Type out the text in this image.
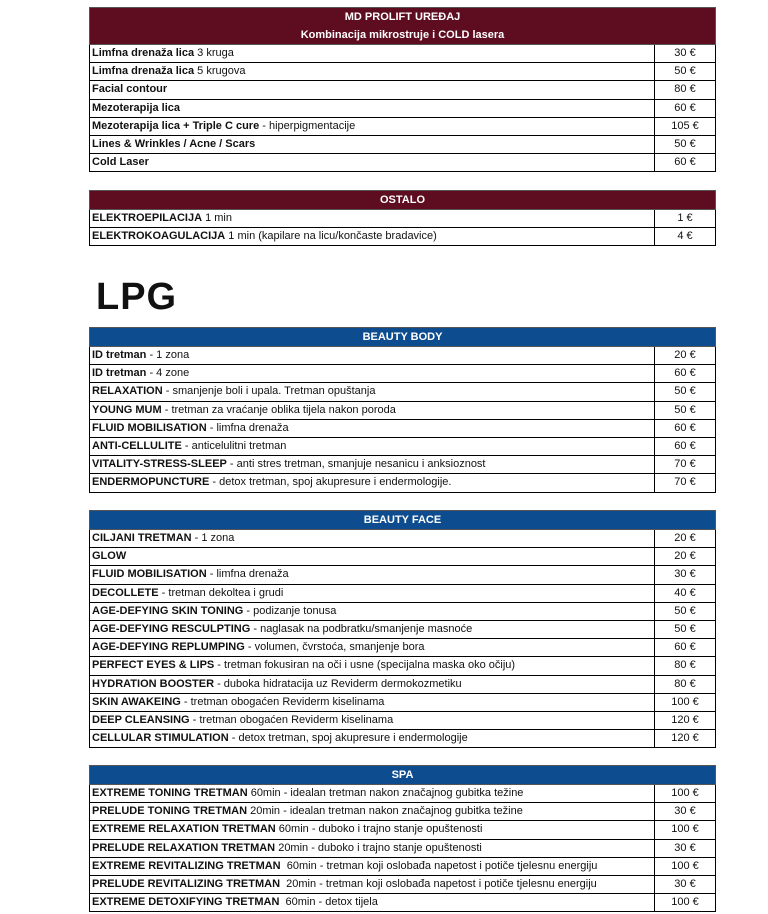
MD PROLIFT UREĐAJ
Kombinacija mikrostruje i COLD lasera
Limfna drenaža lica 3 kruga	30 €
Limfna drenaža lica 5 krugova	50 €
Facial contour	80 €
Mezoterapija lica	60 €
Mezoterapija lica + Triple C cure - hiperpigmentacije	105 €
Lines & Wrinkles / Acne / Scars	50 €
Cold Laser	60 €
OSTALO
ELEKTROEPILACIJA 1 min	1 €
ELEKTROKOAGULACIJA 1 min (kapilare na licu/končaste bradavice)	4 €
LPG
BEAUTY BODY
ID tretman - 1 zona	20 €
ID tretman - 4 zone	60 €
RELAXATION - smanjenje boli i upala. Tretman opuštanja	50 €
YOUNG MUM - tretman za vraćanje oblika tijela nakon poroda	50 €
FLUID MOBILISATION - limfna drenaža	60 €
ANTI-CELLULITE - anticelulitni tretman	60 €
VITALITY-STRESS-SLEEP - anti stres tretman, smanjuje nesanicu i anksioznost	70 €
ENDERMOPUNCTURE - detox tretman, spoj akupresure i endermologije.	70 €
BEAUTY FACE
CILJANI TRETMAN - 1 zona	20 €
GLOW	20 €
FLUID MOBILISATION - limfna drenaža	30 €
DECOLLETE - tretman dekoltea i grudi	40 €
AGE-DEFYING SKIN TONING - podizanje tonusa	50 €
AGE-DEFYING RESCULPTING - naglasak na podbratku/smanjenje masnoće	50 €
AGE-DEFYING REPLUMPING - volumen, čvrstoća, smanjenje bora	60 €
PERFECT EYES & LIPS - tretman fokusiran na oči i usne (specijalna maska oko očiju)	80 €
HYDRATION BOOSTER - duboka hidratacija uz Reviderm dermokozmetiku	80 €
SKIN AWAKEING - tretman obogaćen Reviderm kiselinama	100 €
DEEP CLEANSING - tretman obogaćen Reviderm kiselinama	120 €
CELLULAR STIMULATION - detox tretman, spoj akupresure i endermologije	120 €
SPA
EXTREME TONING TRETMAN 60min - idealan tretman nakon značajnog gubitka težine	100 €
PRELUDE TONING TRETMAN 20min - idealan tretman nakon značajnog gubitka težine	30 €
EXTREME RELAXATION TRETMAN 60min - duboko i trajno stanje opuštenosti	100 €
PRELUDE RELAXATION TRETMAN 20min - duboko i trajno stanje opuštenosti	30 €
EXTREME REVITALIZING TRETMAN  60min - tretman koji oslobađa napetost i potiče tjelesnu energiju	100 €
PRELUDE REVITALIZING TRETMAN  20min - tretman koji oslobađa napetost i potiče tjelesnu energiju	30 €
EXTREME DETOXIFYING TRETMAN  60min - detox tijela	100 €
